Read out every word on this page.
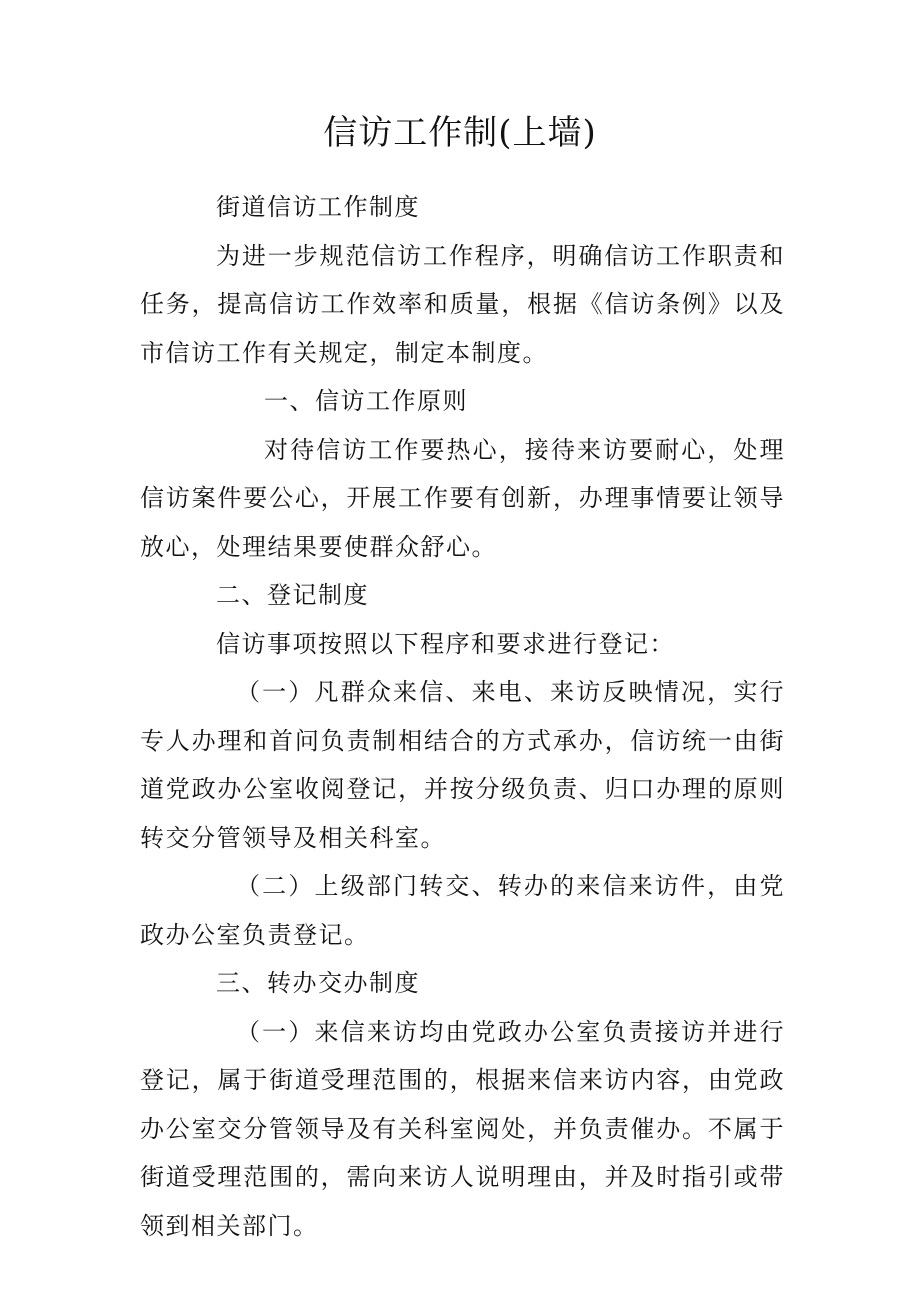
信访工作制(上墙)

街道信访工作制度

为进一步规范信访工作程序，明确信访工作职责和任务，提高信访工作效率和质量，根据《信访条例》以及市信访工作有关规定，制定本制度。

一、信访工作原则

对待信访工作要热心，接待来访要耐心，处理信访案件要公心，开展工作要有创新，办理事情要让领导放心，处理结果要使群众舒心。

二、登记制度

信访事项按照以下程序和要求进行登记：

（一）凡群众来信、来电、来访反映情况，实行专人办理和首问负责制相结合的方式承办，信访统一由街道党政办公室收阅登记，并按分级负责、归口办理的原则转交分管领导及相关科室。

（二）上级部门转交、转办的来信来访件，由党政办公室负责登记。

三、转办交办制度

（一）来信来访均由党政办公室负责接访并进行登记，属于街道受理范围的，根据来信来访内容，由党政办公室交分管领导及有关科室阅处，并负责催办。不属于街道受理范围的，需向来访人说明理由，并及时指引或带领到相关部门。
